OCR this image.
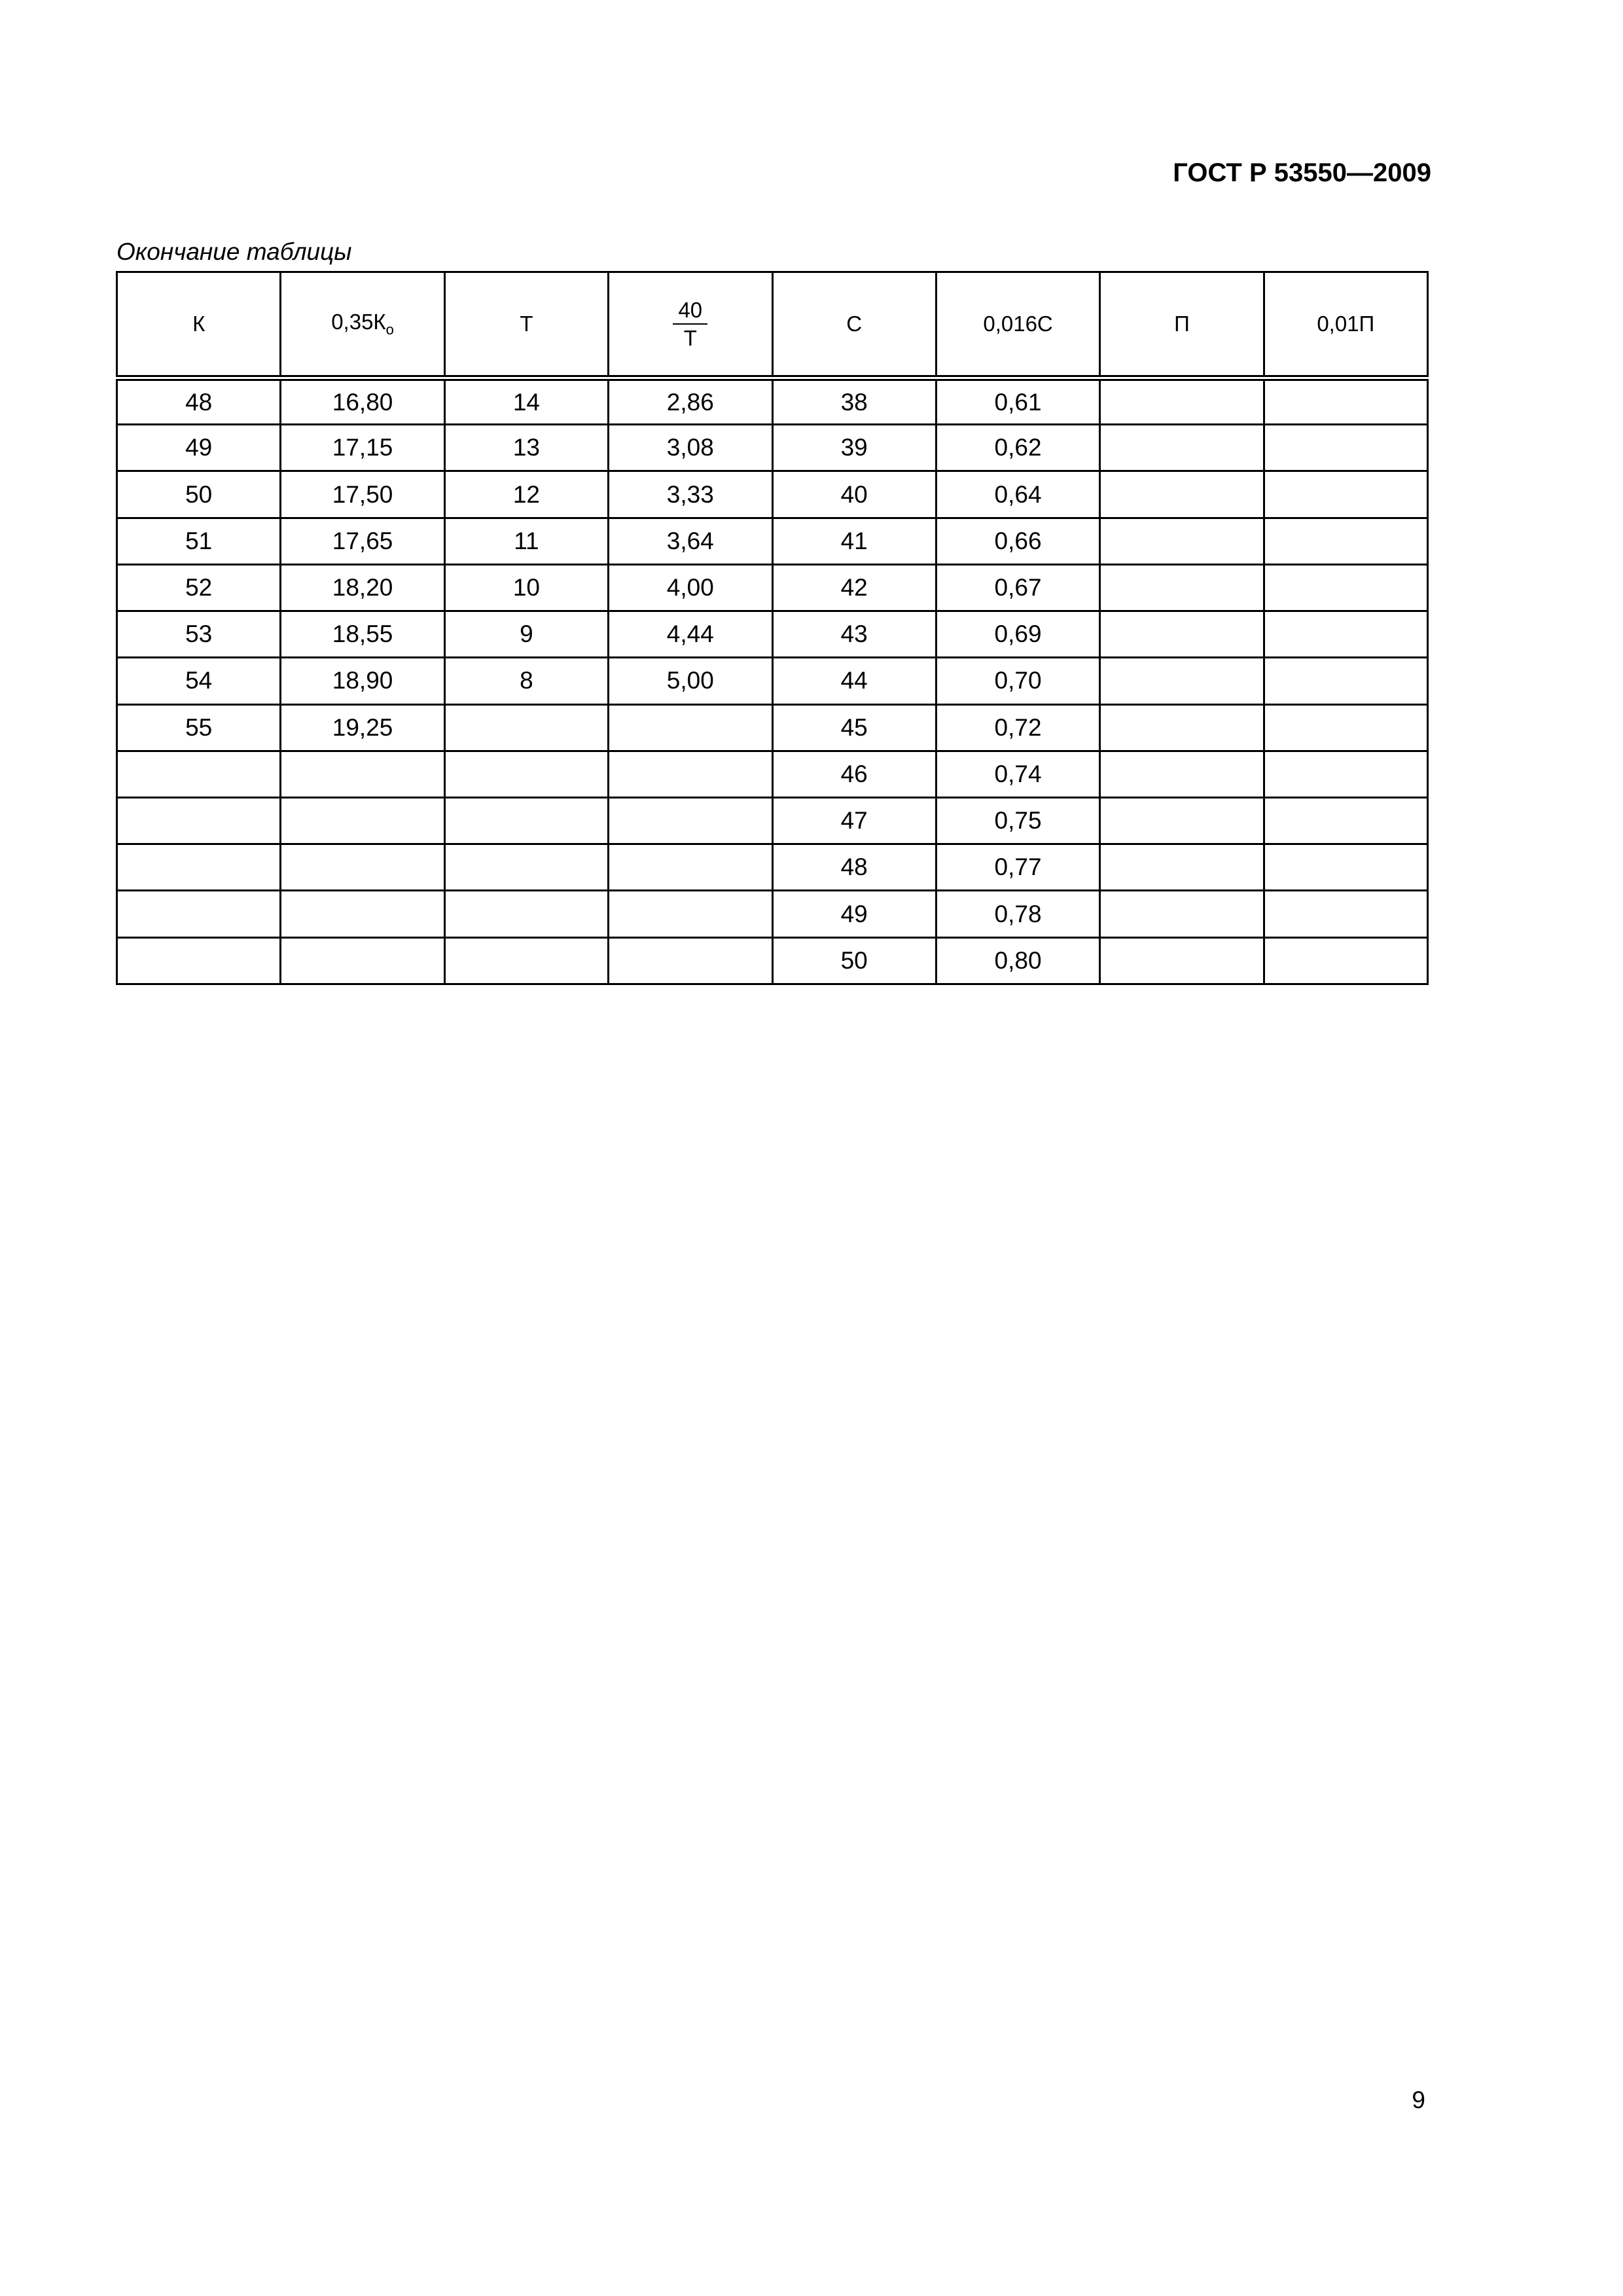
ГОСТ Р 53550—2009
Окончание таблицы
К	$0,35К_о$	Т	$\frac{40}{Т}$	С	0,016С	П	0,01П
48	16,80	14	2,86	38	0,61		
49	17,15	13	3,08	39	0,62		
50	17,50	12	3,33	40	0,64		
51	17,65	11	3,64	41	0,66		
52	18,20	10	4,00	42	0,67		
53	18,55	9	4,44	43	0,69		
54	18,90	8	5,00	44	0,70		
55	19,25			45	0,72		
				46	0,74		
				47	0,75		
				48	0,77		
				49	0,78		
				50	0,80		
9
